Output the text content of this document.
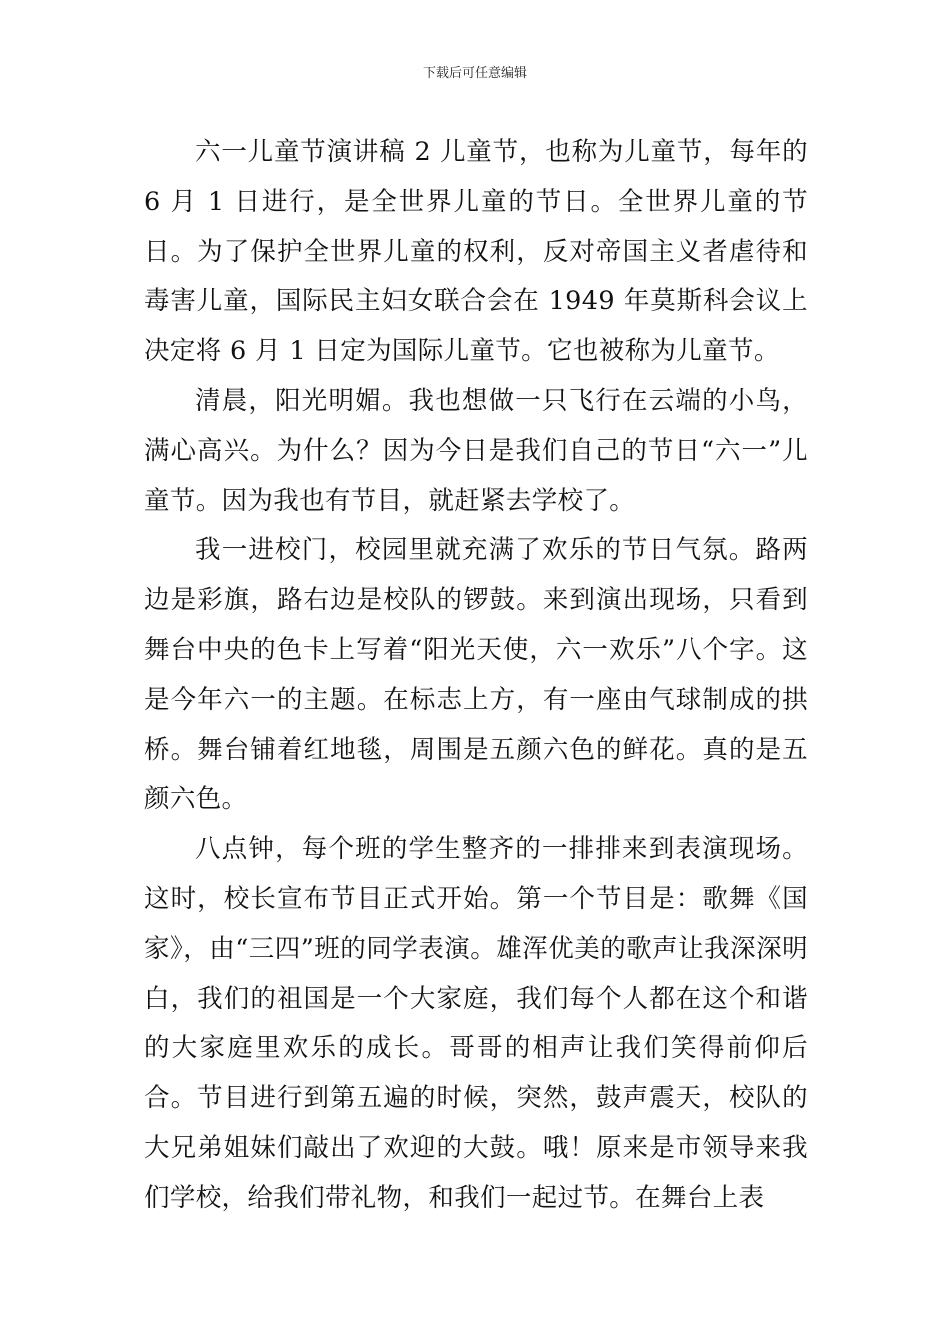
下载后可任意编辑

六一儿童节演讲稿 2 儿童节，也称为儿童节，每年的 6 月 1 日进行，是全世界儿童的节日。全世界儿童的节日。为了保护全世界儿童的权利，反对帝国主义者虐待和毒害儿童，国际民主妇女联合会在 1949 年莫斯科会议上决定将 6 月 1 日定为国际儿童节。它也被称为儿童节。

清晨，阳光明媚。我也想做一只飞行在云端的小鸟，满心高兴。为什么？因为今日是我们自己的节日“六一”儿童节。因为我也有节目，就赶紧去学校了。

我一进校门，校园里就充满了欢乐的节日气氛。路两边是彩旗，路右边是校队的锣鼓。来到演出现场，只看到舞台中央的色卡上写着“阳光天使，六一欢乐”八个字。这是今年六一的主题。在标志上方，有一座由气球制成的拱桥。舞台铺着红地毯，周围是五颜六色的鲜花。真的是五颜六色。

八点钟，每个班的学生整齐的一排排来到表演现场。这时，校长宣布节目正式开始。第一个节目是：歌舞《国家》，由“三四”班的同学表演。雄浑优美的歌声让我深深明白，我们的祖国是一个大家庭，我们每个人都在这个和谐的大家庭里欢乐的成长。哥哥的相声让我们笑得前仰后合。节目进行到第五遍的时候，突然，鼓声震天，校队的大兄弟姐妹们敲出了欢迎的大鼓。哦！原来是市领导来我们学校，给我们带礼物，和我们一起过节。在舞台上表
